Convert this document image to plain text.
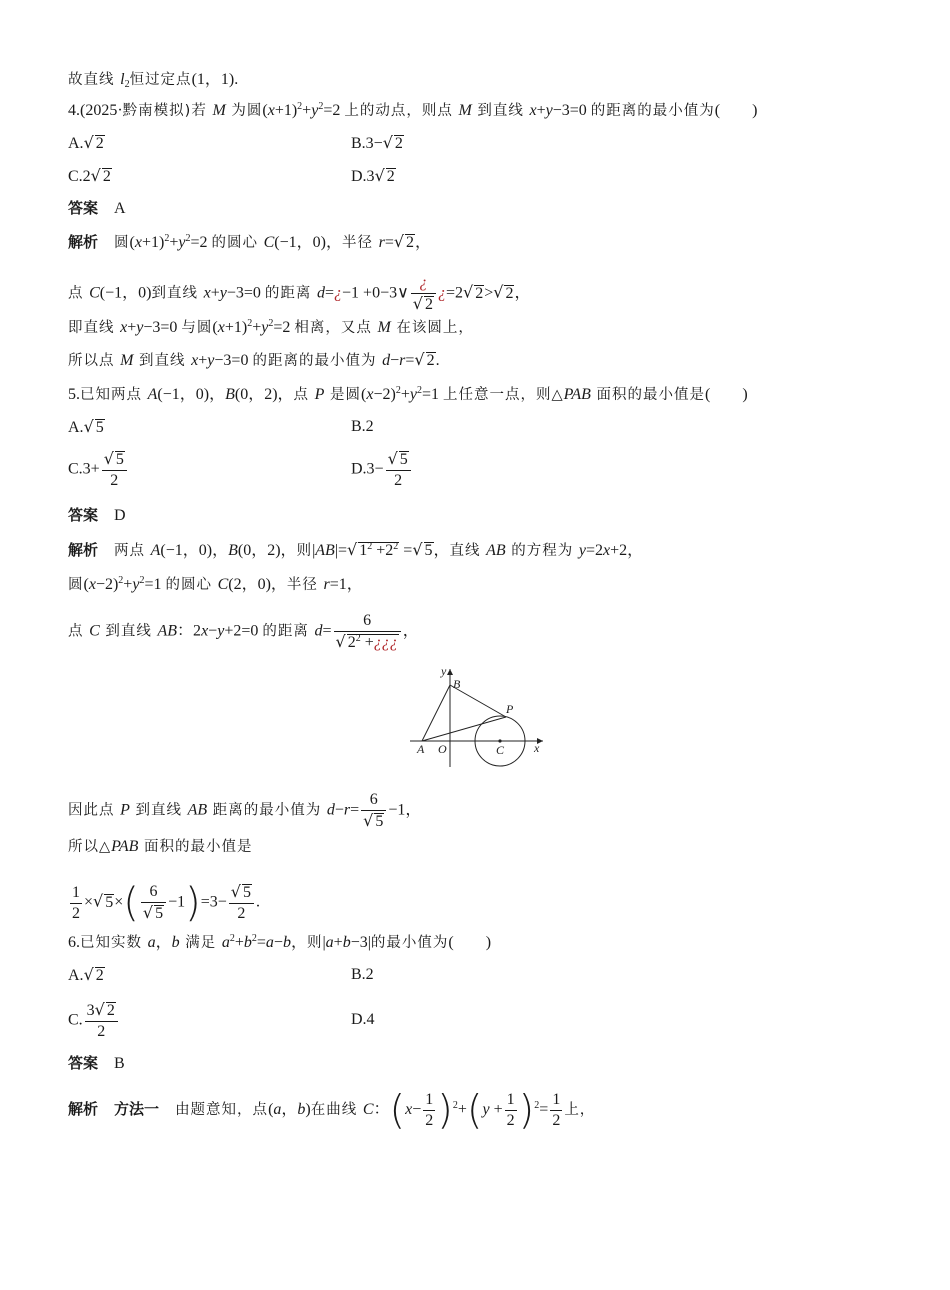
故直线 $l_2$恒过定点(1，1).
4.(2025·黔南模拟)若 M 为圆$(x+1)^2+y^2=2$ 上的动点，则点 M 到直线 x+y−3=0 的距离的最小值为(　　)
A.√ 2	B.3−√ 2
C.2√ 2	D.3√ 2
答案　 A
解析　 圆$(x+1)^2+y^2=2$ 的圆心 C(−1，0)，半径 r=√ 2，
点 C(−1，0)到直线 x+y−3=0 的距离 d=¿−1 +0−3∨ $\frac{¿}{√ 2}$ ¿=2√ 2>√ 2，
即直线 x+y−3=0 与圆$(x+1)^2+y^2=2$ 相离，又点 M 在该圆上，
所以点 M 到直线 x+y−3=0 的距离的最小值为 d−r=√ 2.
5.已知两点 A(−1，0)，B(0，2)，点 P 是圆$(x-2)^2+y^2=1$ 上任意一点，则△PAB 面积的最小值是(　　)
A.√ 5	B.2
$C.3+ \frac{√ 5}{2}$	$D.3- \frac{√ 5}{2}$
答案　 D
解析　 两点 A(−1，0)，B(0，2)，则|AB|=√ $1^2 +2^2$ =√ 5，直线 AB 的方程为 y=2x+2，
圆$(x-2)^2+y^2=1$ 的圆心 C(2，0)，半径 r=1，
点 C 到直线 AB：2x−y+2=0 的距离 $d= \frac{6}{√ 2^2 +¿¿¿}$ ，
y
B
P
A O	C x
因此点 P 到直线 AB 距离的最小值为 $d-r= \frac{6}{√ 5} -1$，
所以△PAB 面积的最小值是
$\frac{1}{2}$ ×√ $5\times( \frac{6}{√ 5} -1)=3- \frac{√ 5}{2}$ .
6.已知实数 a，b 满足 $a^2+b^2=a-b$，则|a+b−3|的最小值为(　　)
A.√ 2	B.2
C. $\frac{3√ 2}{2}$	D.4
答案　 B
解析　 方法一　 由题意知，点(a，b)在曲线 C：$(x- \frac{1}{2} )^2+(y + \frac{1}{2} )^2= \frac{1}{2}$ 上，
